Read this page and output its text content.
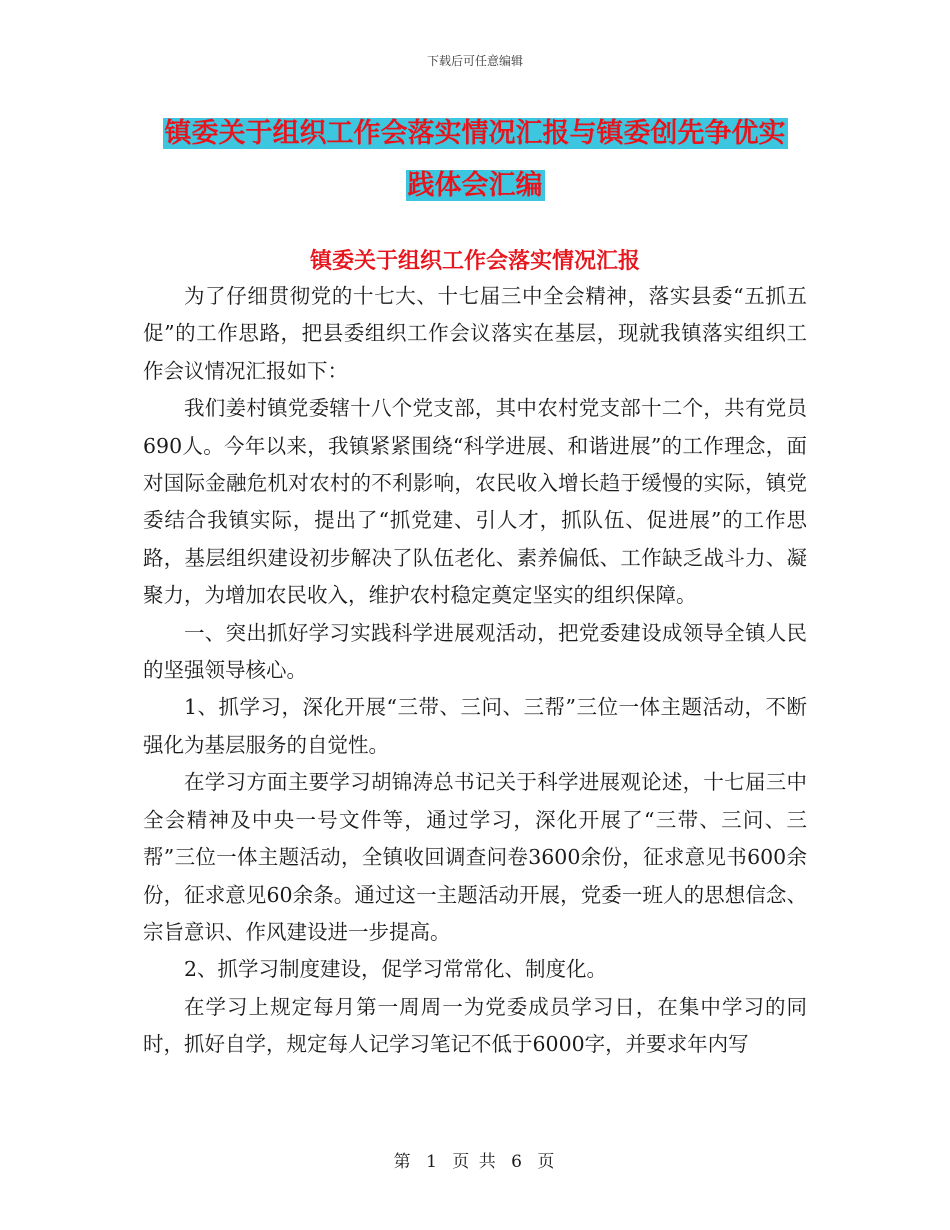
下载后可任意编辑
镇委关于组织工作会落实情况汇报与镇委创先争优实
践体会汇编
镇委关于组织工作会落实情况汇报

为了仔细贯彻党的十七大、十七届三中全会精神，落实县委“五抓五促”的工作思路，把县委组织工作会议落实在基层，现就我镇落实组织工作会议情况汇报如下：

我们姜村镇党委辖十八个党支部，其中农村党支部十二个，共有党员690人。今年以来，我镇紧紧围绕“科学进展、和谐进展”的工作理念，面对国际金融危机对农村的不利影响，农民收入增长趋于缓慢的实际，镇党委结合我镇实际，提出了“抓党建、引人才，抓队伍、促进展”的工作思路，基层组织建设初步解决了队伍老化、素养偏低、工作缺乏战斗力、凝聚力，为增加农民收入，维护农村稳定奠定坚实的组织保障。

一、突出抓好学习实践科学进展观活动，把党委建设成领导全镇人民的坚强领导核心。

1、抓学习，深化开展“三带、三问、三帮”三位一体主题活动，不断强化为基层服务的自觉性。

在学习方面主要学习胡锦涛总书记关于科学进展观论述，十七届三中全会精神及中央一号文件等，通过学习，深化开展了“三带、三问、三帮”三位一体主题活动，全镇收回调查问卷3600余份，征求意见书600余份，征求意见60余条。通过这一主题活动开展，党委一班人的思想信念、宗旨意识、作风建设进一步提高。

2、抓学习制度建设，促学习常常化、制度化。

在学习上规定每月第一周周一为党委成员学习日，在集中学习的同时，抓好自学，规定每人记学习笔记不低于6000字，并要求年内写

第 1 页 共 6 页
